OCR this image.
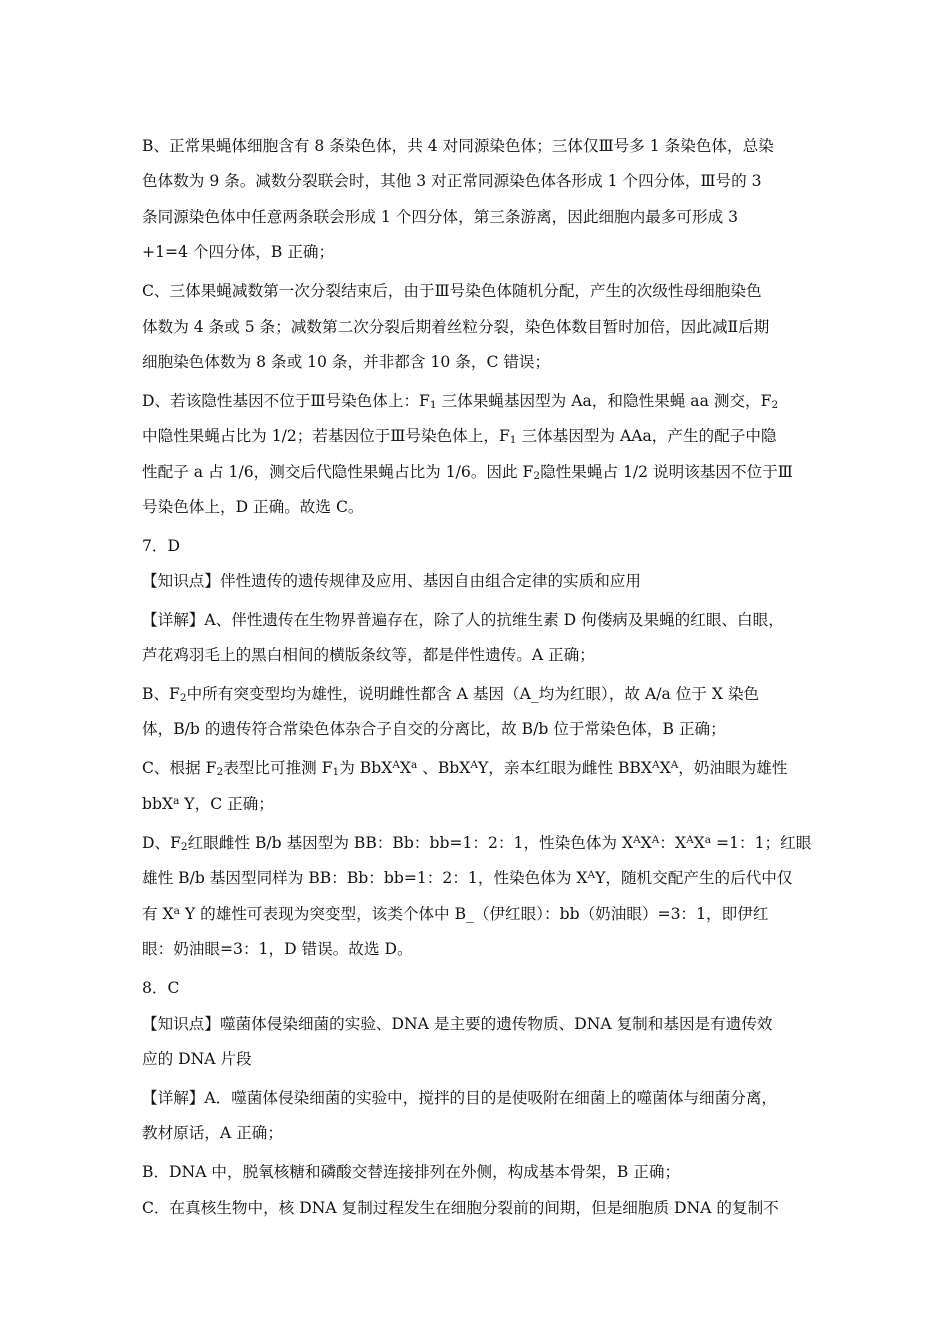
B、正常果蝇体细胞含有 8 条染色体，共 4 对同源染色体；三体仅Ⅲ号多 1 条染色体，总染
色体数为 9 条。减数分裂联会时，其他 3 对正常同源染色体各形成 1 个四分体，Ⅲ号的 3
条同源染色体中任意两条联会形成 1 个四分体，第三条游离，因此细胞内最多可形成 3
+1=4 个四分体，B 正确；
C、三体果蝇减数第一次分裂结束后，由于Ⅲ号染色体随机分配，产生的次级性母细胞染色
体数为 4 条或 5 条；减数第二次分裂后期着丝粒分裂，染色体数目暂时加倍，因此减Ⅱ后期
细胞染色体数为 8 条或 10 条，并非都含 10 条，C 错误；
D、若该隐性基因不位于Ⅲ号染色体上：$F_1$ 三体果蝇基因型为 Aa，和隐性果蝇 aa 测交，$F_2$
中隐性果蝇占比为 1/2；若基因位于Ⅲ号染色体上，$F_1$ 三体基因型为 AAa，产生的配子中隐
性配子 a 占 1/6，测交后代隐性果蝇占比为 1/6。因此 $F_2$隐性果蝇占 1/2 说明该基因不位于Ⅲ
号染色体上，D 正确。故选 C。
7．D
【知识点】伴性遗传的遗传规律及应用、基因自由组合定律的实质和应用
【详解】A、伴性遗传在生物界普遍存在，除了人的抗维生素 D 佝偻病及果蝇的红眼、白眼，
芦花鸡羽毛上的黑白相间的横版条纹等，都是伴性遗传。A 正确；
B、$F_2$中所有突变型均为雄性，说明雌性都含 A 基因（A_均为红眼），故 A/a 位于 X 染色
体，B/b 的遗传符合常染色体杂合子自交的分离比，故 B/b 位于常染色体，B 正确；
C、根据 $F_2$表型比可推测 $F_1$为 $BbX^AX^a$ 、BbX$^A$Y，亲本红眼为雌性 $BBX^AX^A$，奶油眼为雄性
bbX$^a$ Y，C 正确；
D、$F_2$红眼雌性 B/b 基因型为 BB：Bb：bb=1：2：1，性染色体为 $X^AX^A$：$X^AX^a =1$：1；红眼
雄性 B/b 基因型同样为 BB：Bb：bb=1：2：1，性染色体为 $X^AY$，随机交配产生的后代中仅
有 $X^a$ Y 的雄性可表现为突变型，该类个体中 B_（伊红眼）：bb（奶油眼）=3：1，即伊红
眼：奶油眼=3：1，D 错误。故选 D。
8．C
【知识点】噬菌体侵染细菌的实验、DNA 是主要的遗传物质、DNA 复制和基因是有遗传效
应的 DNA 片段
【详解】A．噬菌体侵染细菌的实验中，搅拌的目的是使吸附在细菌上的噬菌体与细菌分离，
教材原话，A 正确；
B．DNA 中，脱氧核糖和磷酸交替连接排列在外侧，构成基本骨架，B 正确；
C．在真核生物中，核 DNA 复制过程发生在细胞分裂前的间期，但是细胞质 DNA 的复制不
